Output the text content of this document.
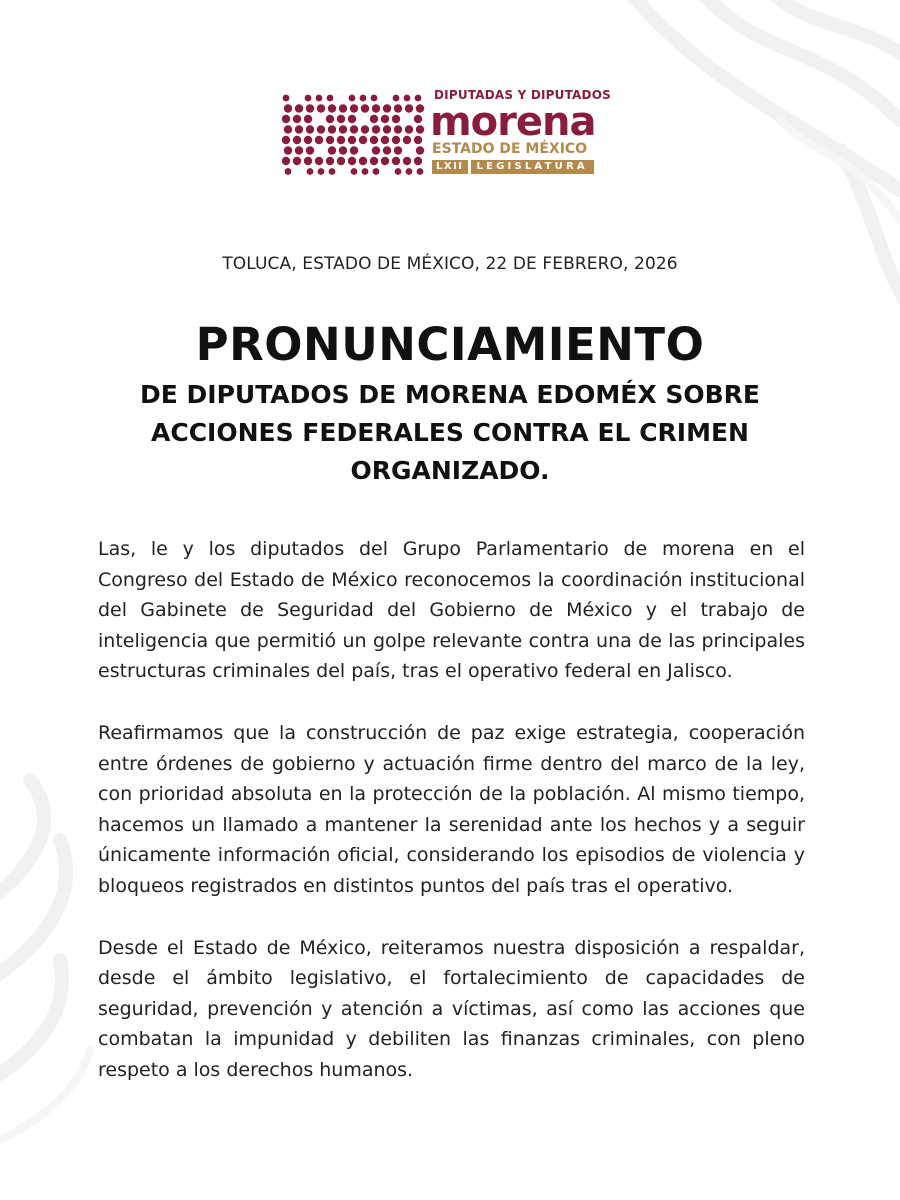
DIPUTADAS Y DIPUTADOS
morena
ESTADO DE MÉXICO
LXII	LEGISLATURA
TOLUCA, ESTADO DE MÉXICO, 22 DE FEBRERO, 2026
PRONUNCIAMIENTO
DE DIPUTADOS DE MORENA EDOMÉX SOBRE ACCIONES FEDERALES CONTRA EL CRIMEN ORGANIZADO.

Las, le y los diputados del Grupo Parlamentario de morena en el Congreso del Estado de México reconocemos la coordinación institucional del Gabinete de Seguridad del Gobierno de México y el trabajo de inteligencia que permitió un golpe relevante contra una de las principales estructuras criminales del país, tras el operativo federal en Jalisco.

Reafirmamos que la construcción de paz exige estrategia, cooperación entre órdenes de gobierno y actuación firme dentro del marco de la ley, con prioridad absoluta en la protección de la población. Al mismo tiempo, hacemos un llamado a mantener la serenidad ante los hechos y a seguir únicamente información oficial, considerando los episodios de violencia y bloqueos registrados en distintos puntos del país tras el operativo.

Desde el Estado de México, reiteramos nuestra disposición a respaldar, desde el ámbito legislativo, el fortalecimiento de capacidades de seguridad, prevención y atención a víctimas, así como las acciones que combatan la impunidad y debiliten las finanzas criminales, con pleno respeto a los derechos humanos.
